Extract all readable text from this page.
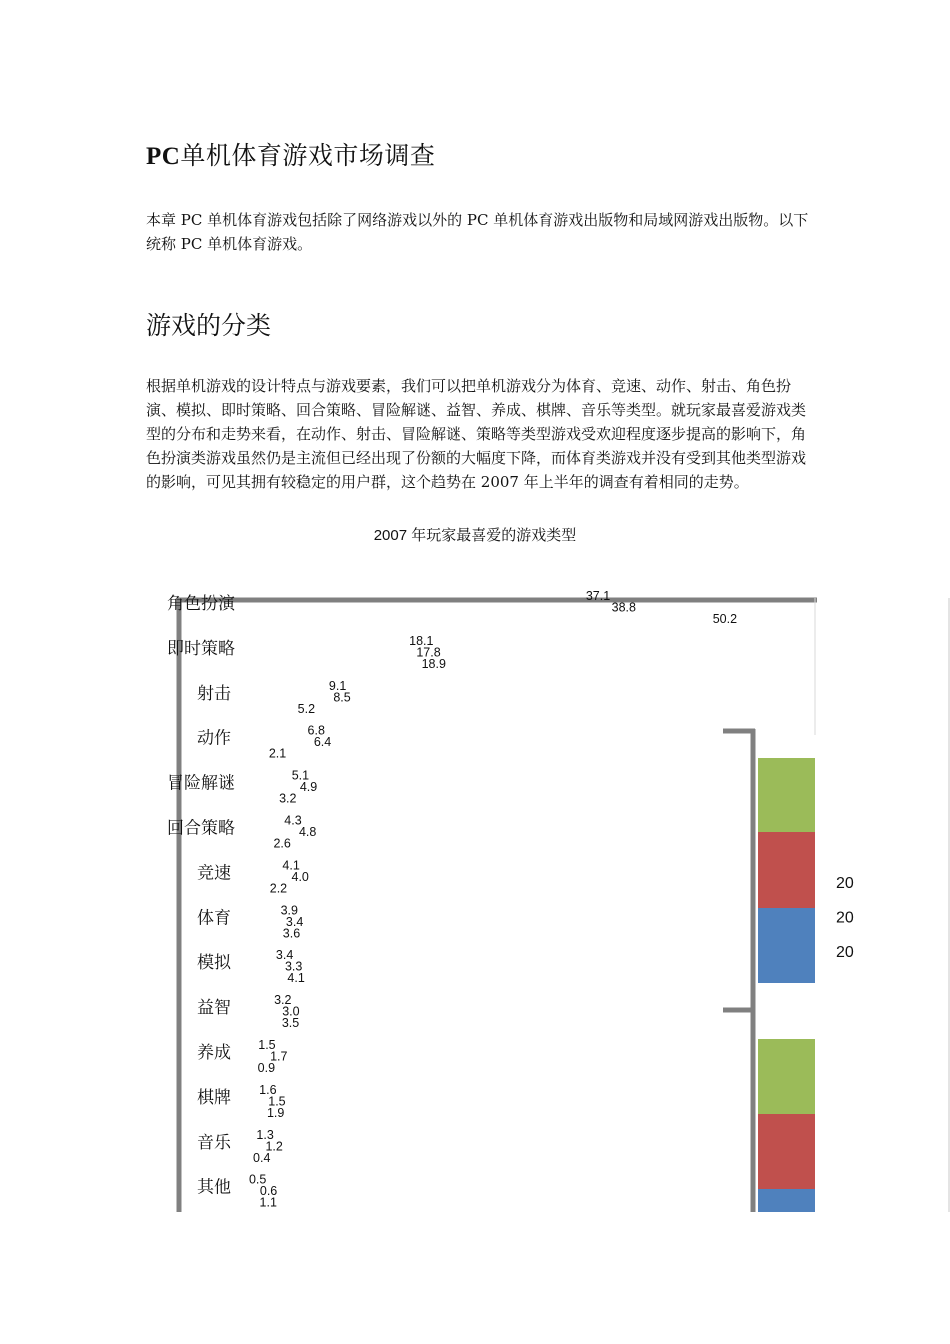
PC单机体育游戏市场调查

本章 PC 单机体育游戏包括除了网络游戏以外的 PC 单机体育游戏出版物和局域网游戏出版物。以下统称 PC 单机体育游戏。

游戏的分类

根据单机游戏的设计特点与游戏要素，我们可以把单机游戏分为体育、竞速、动作、射击、角色扮演、模拟、即时策略、回合策略、冒险解谜、益智、养成、棋牌、音乐等类型。就玩家最喜爱游戏类型的分布和走势来看，在动作、射击、冒险解谜、策略等类型游戏受欢迎程度逐步提高的影响下，角色扮演类游戏虽然仍是主流但已经出现了份额的大幅度下降，而体育类游戏并没有受到其他类型游戏的影响，可见其拥有较稳定的用户群，这个趋势在 2007 年上半年的调查有着相同的走势。

2007 年玩家最喜爱的游戏类型
角色扮演	37.1
38.8
50.2
即时策略	18.1
17.8
18.9
射击	9.1
8.5
5.2
动作	6.8
6.4
2.1
冒险解谜	5.1
4.9
3.2
回合策略	4.3
4.8
2.6
竞速	4.1
4.0
2.2
体育	3.9
3.4
3.6
模拟	3.4
3.3
4.1
益智	3.2
3.0
3.5
养成 1.5
1.7
0.9
棋牌 1.6
1.5
1.9
音乐 1.3
1.2
0.4
其他 0.5
0.6
1.1
20
20
20
